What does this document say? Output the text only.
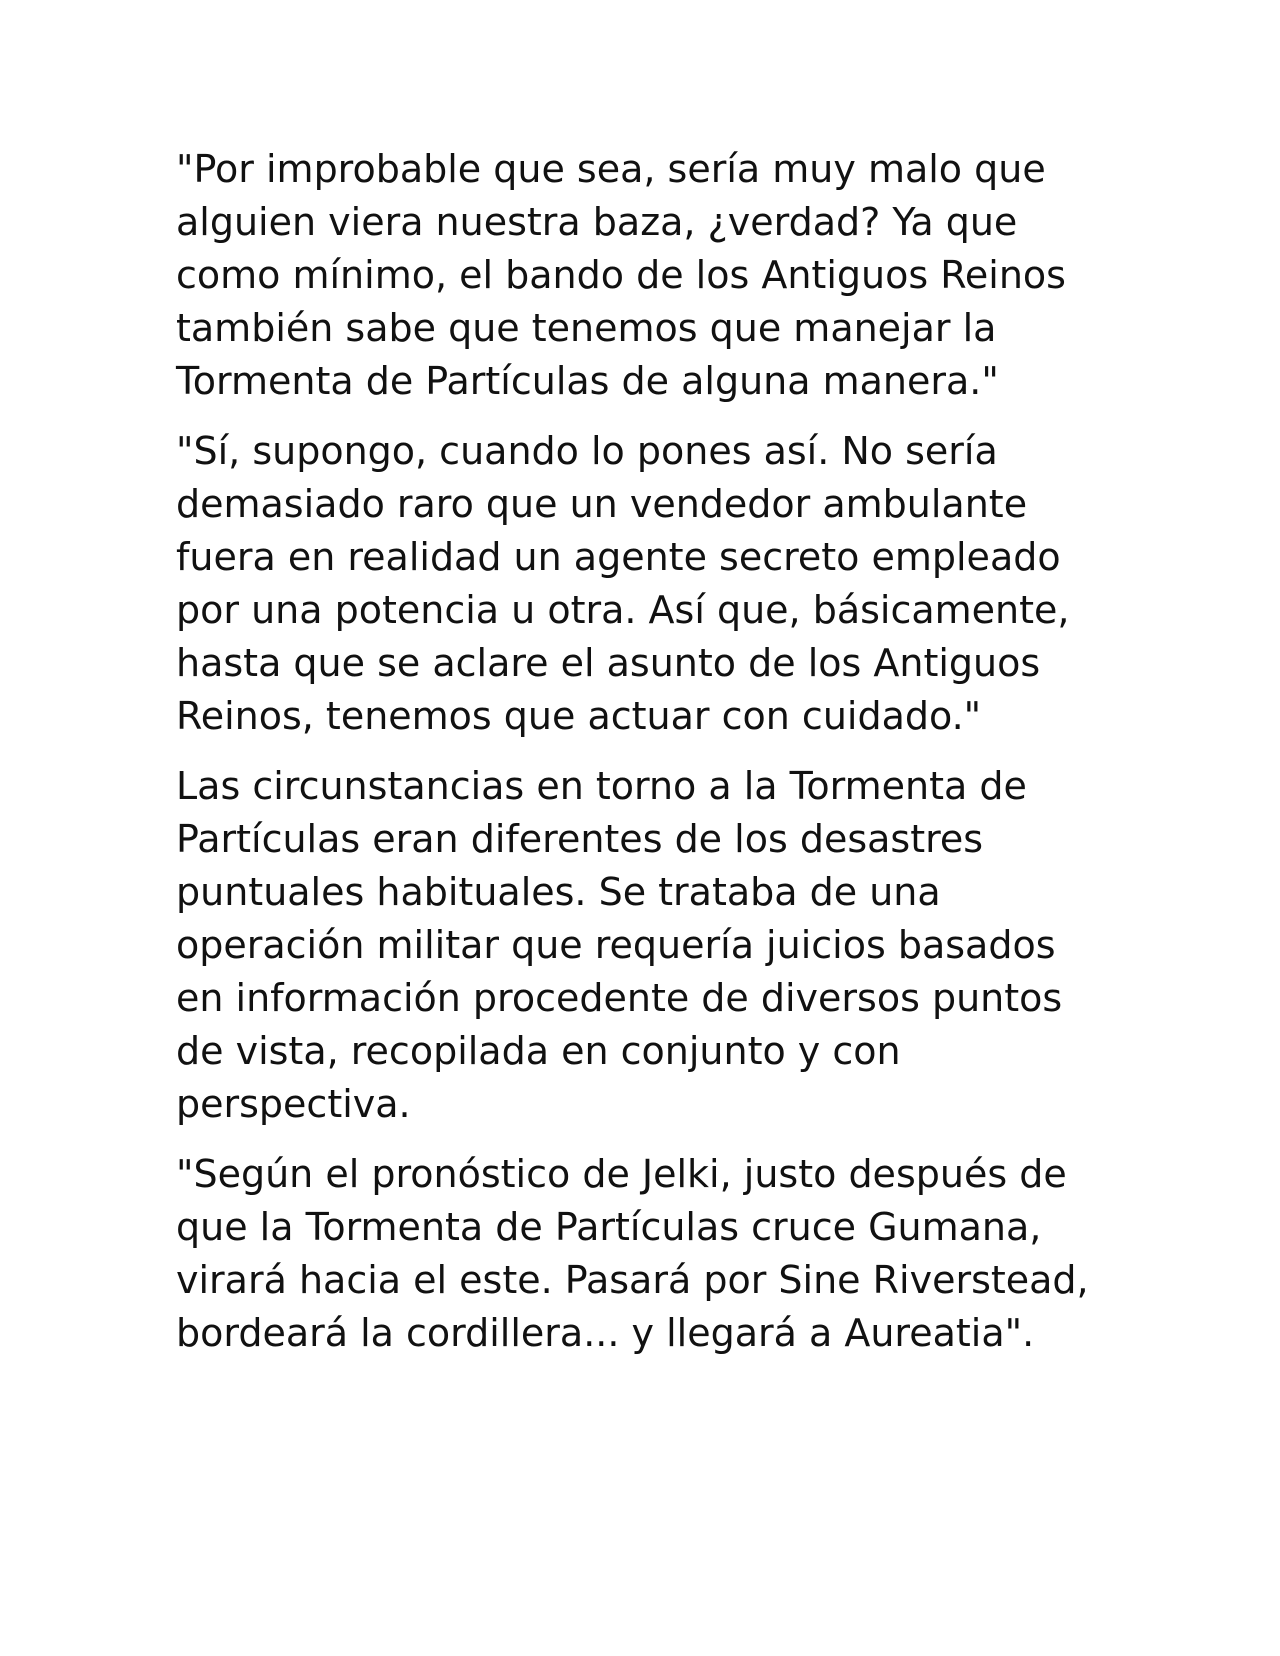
"Por improbable que sea, sería muy malo que
alguien viera nuestra baza, ¿verdad? Ya que
como mínimo, el bando de los Antiguos Reinos
también sabe que tenemos que manejar la
Tormenta de Partículas de alguna manera."

"Sí, supongo, cuando lo pones así. No sería
demasiado raro que un vendedor ambulante
fuera en realidad un agente secreto empleado
por una potencia u otra. Así que, básicamente,
hasta que se aclare el asunto de los Antiguos
Reinos, tenemos que actuar con cuidado."

Las circunstancias en torno a la Tormenta de
Partículas eran diferentes de los desastres
puntuales habituales. Se trataba de una
operación militar que requería juicios basados
en información procedente de diversos puntos
de vista, recopilada en conjunto y con
perspectiva.

"Según el pronóstico de Jelki, justo después de
que la Tormenta de Partículas cruce Gumana,
virará hacia el este. Pasará por Sine Riverstead,
bordeará la cordillera... y llegará a Aureatia".
